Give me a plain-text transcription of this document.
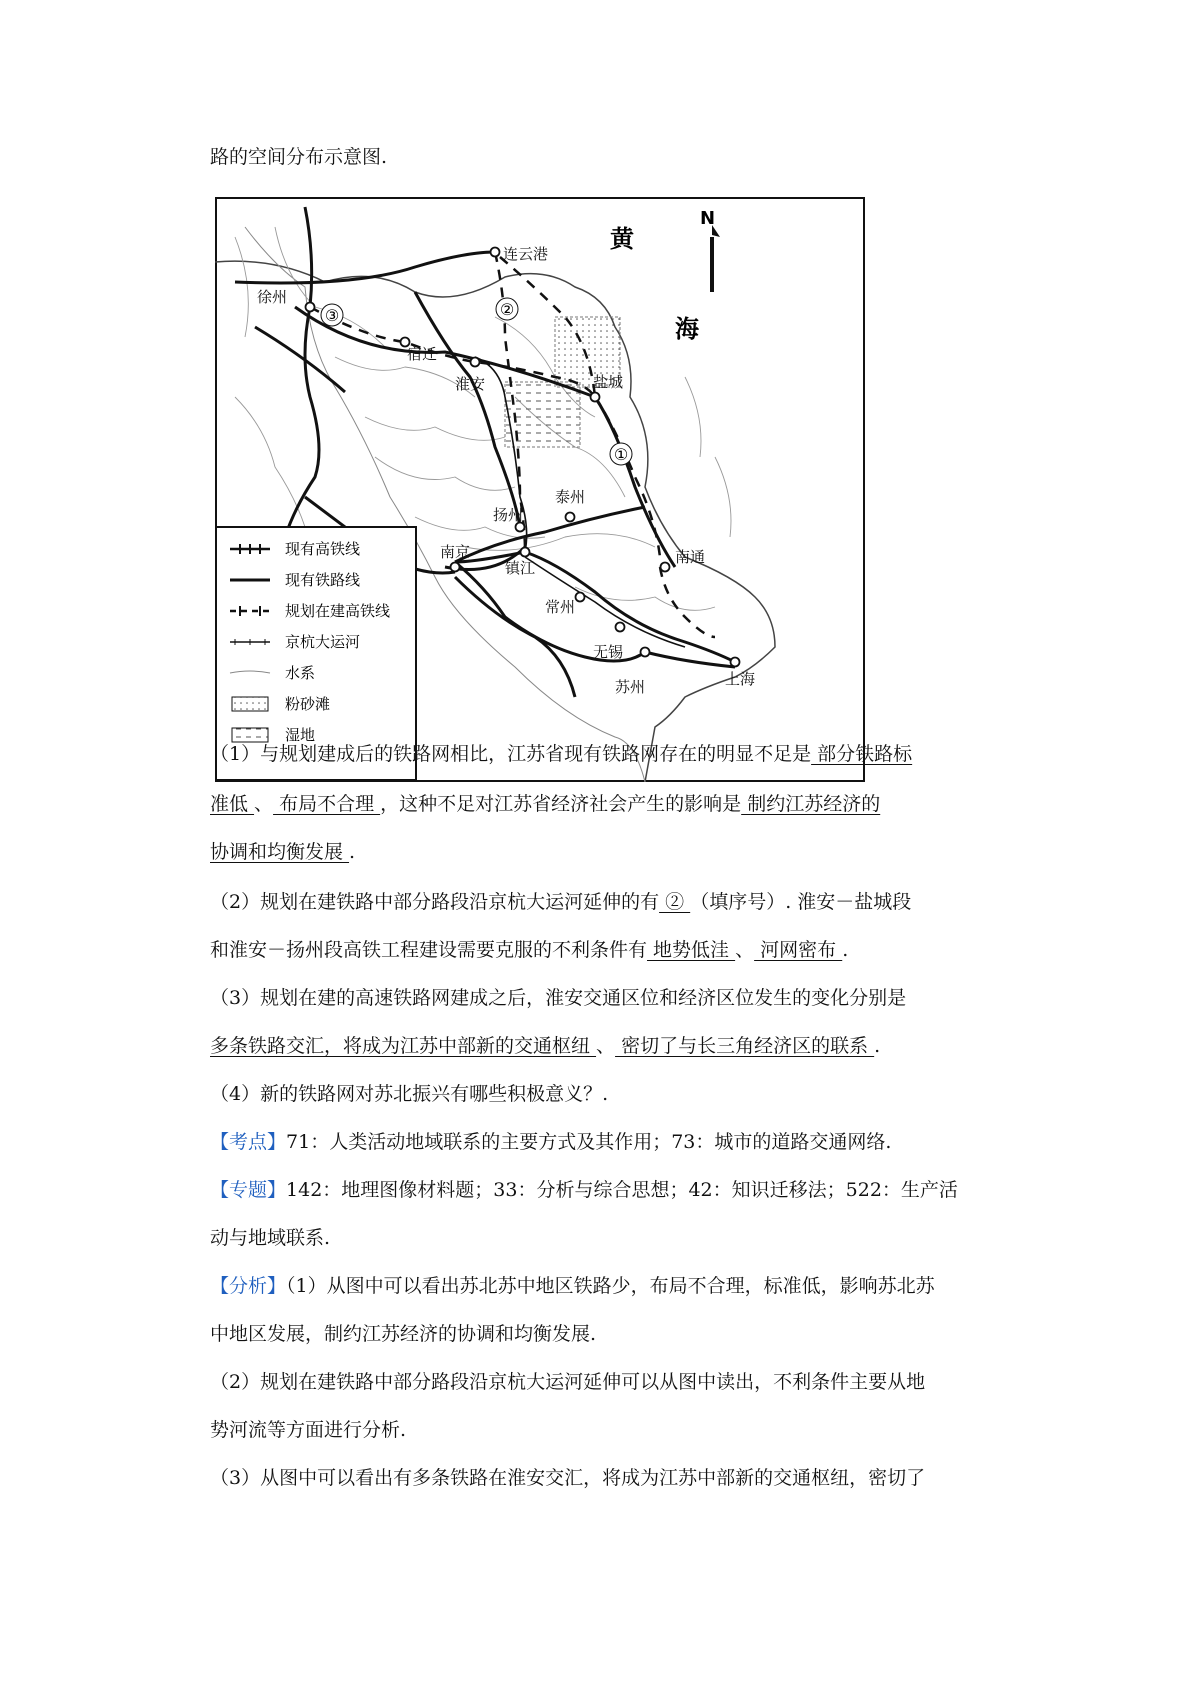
路的空间分布示意图.
N
黄
海
③	②
①
连云港
徐州
宿迁
淮安	盐城
泰州
扬州
南京
镇江
常州
南通
无锡
苏州	上海
现有高铁线
现有铁路线
规划在建高铁线
京杭大运河
水系
粉砂滩
湿地
（1）与规划建成后的铁路网相比，江苏省现有铁路网存在的明显不足是 部分铁路标
准低 、 布局不合理 ，这种不足对江苏省经济社会产生的影响是 制约江苏经济的
协调和均衡发展 .
（2）规划在建铁路中部分路段沿京杭大运河延伸的有 ② （填序号）. 淮安－盐城段
和淮安－扬州段高铁工程建设需要克服的不利条件有 地势低洼 、 河网密布 .
（3）规划在建的高速铁路网建成之后，淮安交通区位和经济区位发生的变化分别是
多条铁路交汇，将成为江苏中部新的交通枢纽 、 密切了与长三角经济区的联系 .
（4）新的铁路网对苏北振兴有哪些积极意义？.
【考点】71：人类活动地域联系的主要方式及其作用；73：城市的道路交通网络.
【专题】142：地理图像材料题；33：分析与综合思想；42：知识迁移法；522：生产活
动与地域联系.
【分析】（1）从图中可以看出苏北苏中地区铁路少，布局不合理，标准低，影响苏北苏
中地区发展，制约江苏经济的协调和均衡发展.
（2）规划在建铁路中部分路段沿京杭大运河延伸可以从图中读出，不利条件主要从地
势河流等方面进行分析.
（3）从图中可以看出有多条铁路在淮安交汇，将成为江苏中部新的交通枢纽，密切了
